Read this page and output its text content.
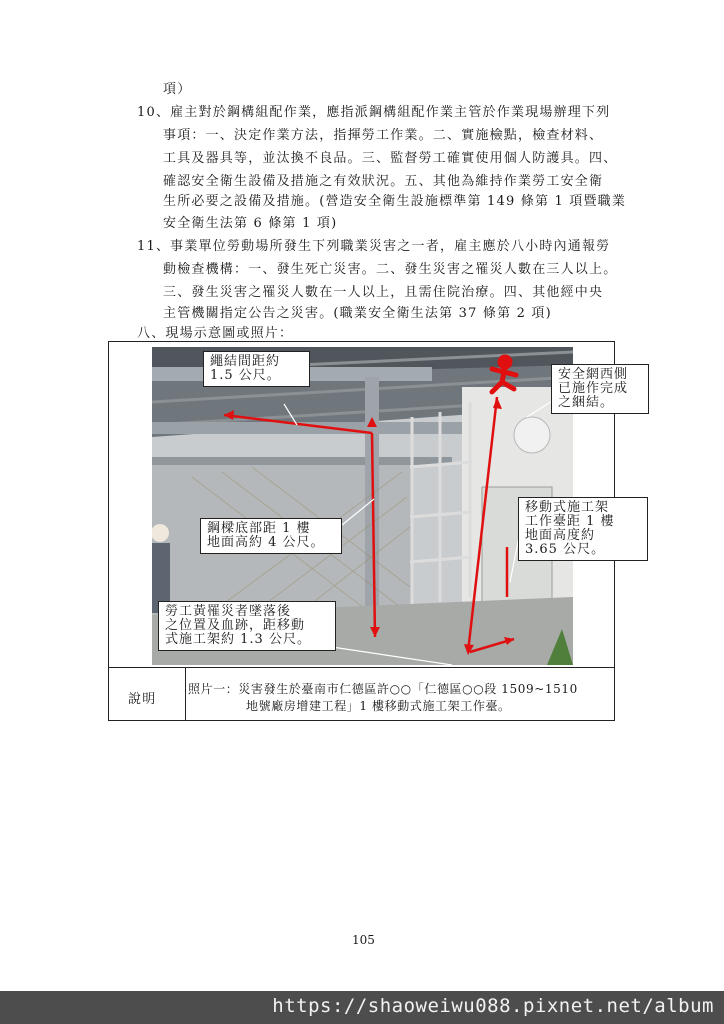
項）
10、雇主對於鋼構組配作業，應指派鋼構組配作業主管於作業現場辦理下列
事項：一、決定作業方法，指揮勞工作業。二、實施檢點，檢查材料、
工具及器具等，並汰換不良品。三、監督勞工確實使用個人防護具。四、
確認安全衛生設備及措施之有效狀況。五、其他為維持作業勞工安全衛
生所必要之設備及措施。(營造安全衛生設施標準第 149 條第 1 項暨職業
安全衛生法第 6 條第 1 項)
11、事業單位勞動場所發生下列職業災害之一者，雇主應於八小時內通報勞
動檢查機構：一、發生死亡災害。二、發生災害之罹災人數在三人以上。
三、發生災害之罹災人數在一人以上，且需住院治療。四、其他經中央
主管機關指定公告之災害。(職業安全衛生法第 37 條第 2 項)
八、現場示意圖或照片：
繩結間距約
1.5 公尺。	安全網西側
已施作完成
之綑結。
鋼樑底部距 1 樓
地面高約 4 公尺。
移動式施工架
工作臺距 1 樓
地面高度約
3.65 公尺。
勞工黃罹災者墜落後
之位置及血跡，距移動
式施工架約 1.3 公尺。
說明
照片一：災害發生於臺南市仁德區許○○「仁德區○○段 1509~1510
地號廠房增建工程」1 樓移動式施工架工作臺。
105
https://shaoweiwu088.pixnet.net/album
